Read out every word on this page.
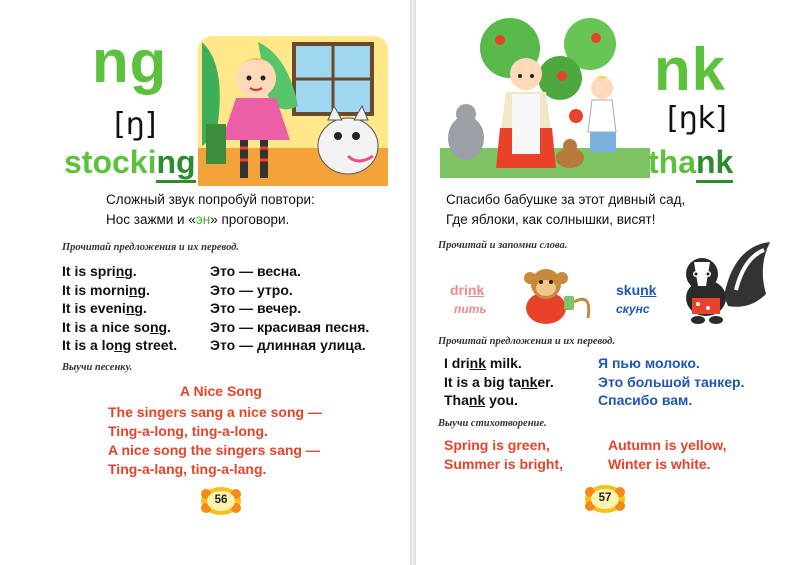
ng
[ŋ]
stocking
Сложный звук попробуй повтори:
Нос зажми и «эн» проговори.
Прочитай предложения и их перевод.
It is spring.
It is morning.
It is evening.
It is a nice song.
It is a long street.
Это — весна.
Это — утро.
Это — вечер.
Это — красивая песня.
Это — длинная улица.
Выучи песенку.
A Nice Song
The singers sang a nice song —
Ting-a-long, ting-a-long.
A nice song the singers sang —
Ting-a-lang, ting-a-lang.
56
nk
[ŋk]
thank
Спасибо бабушке за этот дивный сад,
Где яблоки, как солнышки, висят!
Прочитай и запомни слова.
drink
пить
skunk
скунс
Прочитай предложения и их перевод.
I drink milk.
It is a big tanker.
Thank you.
Я пью молоко.
Это большой танкер.
Спасибо вам.
Выучи стихотворение.
Spring is green,
Summer is bright,
Autumn is yellow,
Winter is white.
57
